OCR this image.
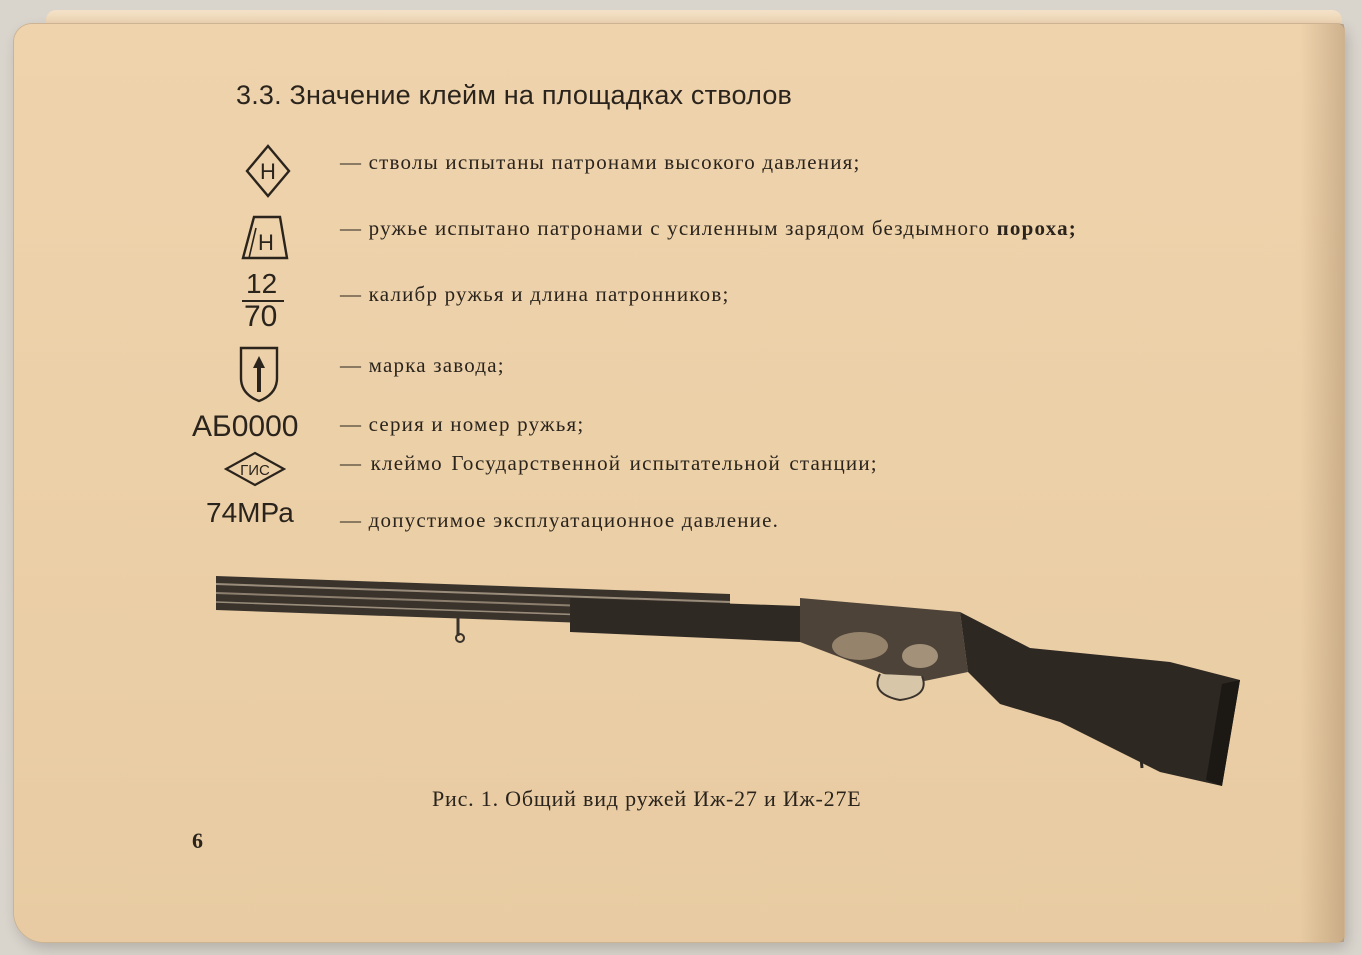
3.3. Значение клейм на площадках стволов
Н	— стволы испытаны патронами высокого давления;

Н

— ружье испытано патронами с усиленным зарядом бездымного пороха;

12
70

— калибр ружья и длина патронников;

— марка завода;

АБ0000 — серия и номер ружья;

ГИС	— клеймо Государственной испытательной станции;

74МРа — допустимое эксплуатационное давление.

Рис. 1. Общий вид ружей Иж-27 и Иж-27Е

6
